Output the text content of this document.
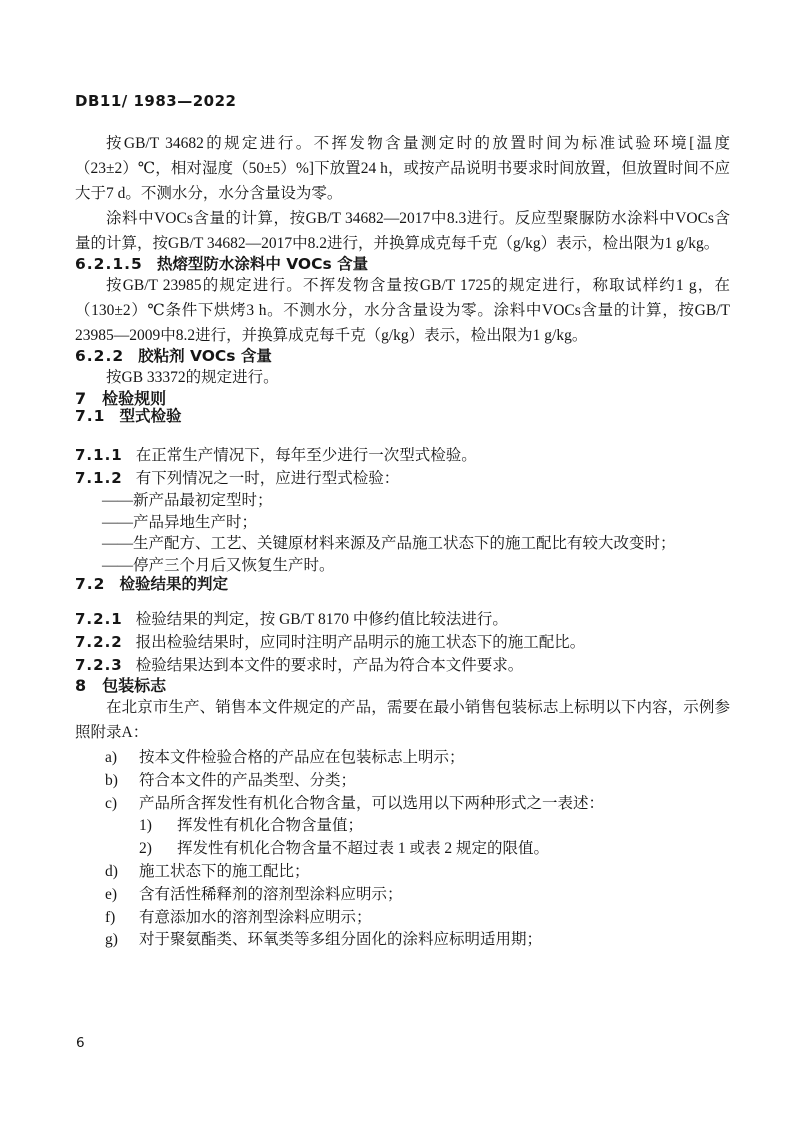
DB11/ 1983—2022

按GB/T 34682的规定进行。不挥发物含量测定时的放置时间为标准试验环境[温度（23±2）℃，相对湿度（50±5）%]下放置24 h，或按产品说明书要求时间放置，但放置时间不应大于7 d。不测水分，水分含量设为零。

涂料中VOCs含量的计算，按GB/T 34682—2017中8.3进行。反应型聚脲防水涂料中VOCs含量的计算，按GB/T 34682—2017中8.2进行，并换算成克每千克（g/kg）表示，检出限为1 g/kg。

6.2.1.5 热熔型防水涂料中 VOCs 含量

按GB/T 23985的规定进行。不挥发物含量按GB/T 1725的规定进行，称取试样约1 g，在（130±2）℃条件下烘烤3 h。不测水分，水分含量设为零。涂料中VOCs含量的计算，按GB/T 23985—2009中8.2进行，并换算成克每千克（g/kg）表示，检出限为1 g/kg。

6.2.2 胶粘剂 VOCs 含量

按GB 33372的规定进行。

7 检验规则
7.1 型式检验

7.1.1 在正常生产情况下，每年至少进行一次型式检验。

7.1.2 有下列情况之一时，应进行型式检验：

——新产品最初定型时；

——产品异地生产时；

——生产配方、工艺、关键原材料来源及产品施工状态下的施工配比有较大改变时；

——停产三个月后又恢复生产时。

7.2 检验结果的判定

7.2.1 检验结果的判定，按 GB/T 8170 中修约值比较法进行。

7.2.2 报出检验结果时，应同时注明产品明示的施工状态下的施工配比。

7.2.3 检验结果达到本文件的要求时，产品为符合本文件要求。

8 包装标志

在北京市生产、销售本文件规定的产品，需要在最小销售包装标志上标明以下内容，示例参照附录A：

a) 按本文件检验合格的产品应在包装标志上明示；

b) 符合本文件的产品类型、分类；

c) 产品所含挥发性有机化合物含量，可以选用以下两种形式之一表述：

1) 挥发性有机化合物含量值；

2) 挥发性有机化合物含量不超过表 1 或表 2 规定的限值。

d) 施工状态下的施工配比；

e) 含有活性稀释剂的溶剂型涂料应明示；

f) 有意添加水的溶剂型涂料应明示；

g) 对于聚氨酯类、环氧类等多组分固化的涂料应标明适用期；

6
